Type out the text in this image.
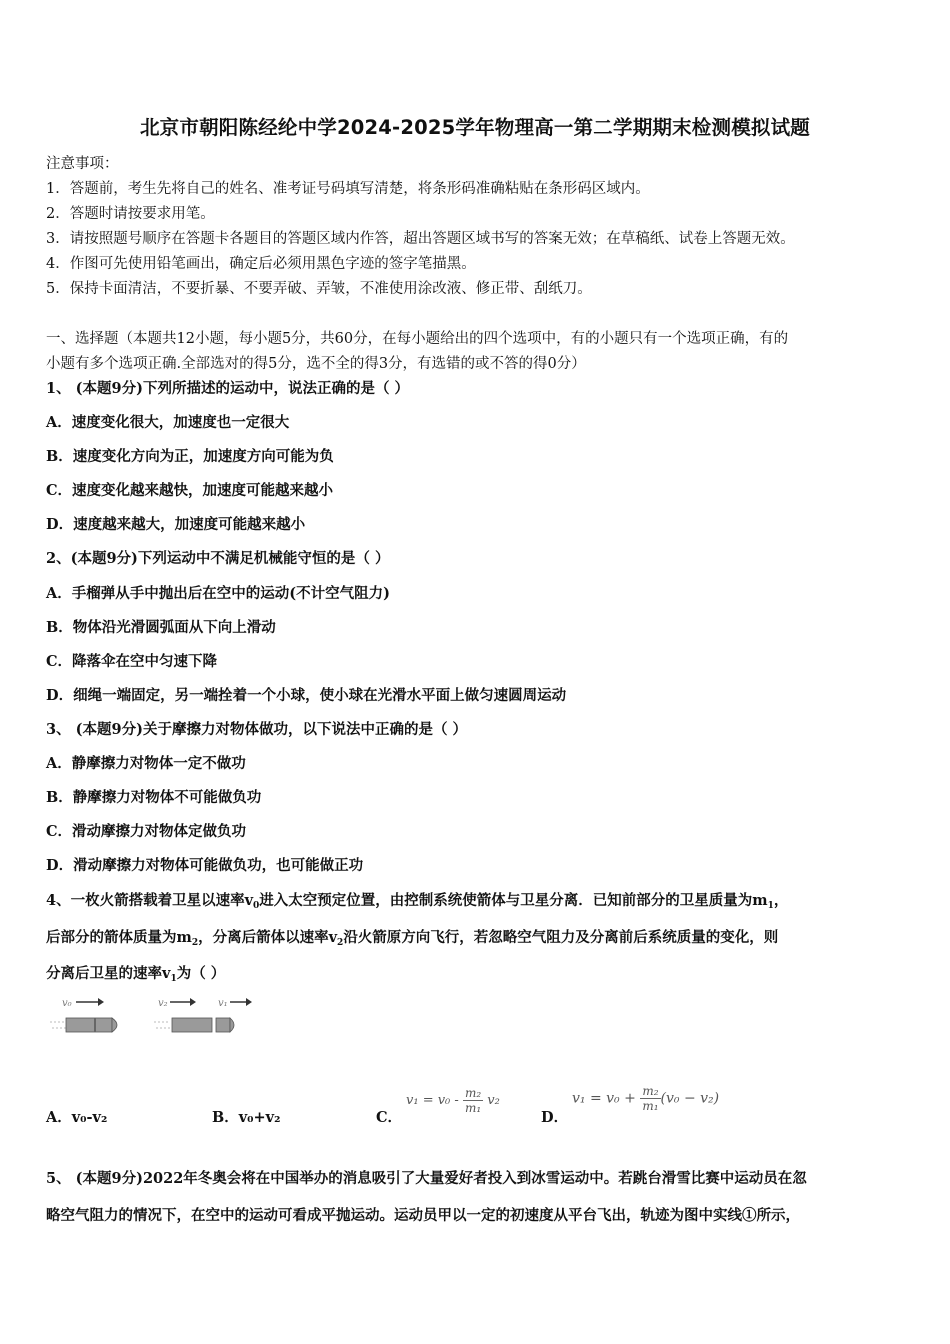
北京市朝阳陈经纶中学2024-2025学年物理高一第二学期期末检测模拟试题
注意事项：
1．答题前，考生先将自己的姓名、准考证号码填写清楚，将条形码准确粘贴在条形码区域内。
2．答题时请按要求用笔。
3．请按照题号顺序在答题卡各题目的答题区域内作答，超出答题区域书写的答案无效；在草稿纸、试卷上答题无效。
4．作图可先使用铅笔画出，确定后必须用黑色字迹的签字笔描黑。
5．保持卡面清洁，不要折暴、不要弄破、弄皱，不准使用涂改液、修正带、刮纸刀。
一、选择题（本题共12小题，每小题5分，共60分，在每小题给出的四个选项中，有的小题只有一个选项正确，有的
小题有多个选项正确.全部选对的得5分，选不全的得3分，有选错的或不答的得0分）
1、 (本题9分)下列所描述的运动中，说法正确的是（ ）
A．速度变化很大，加速度也一定很大
B．速度变化方向为正，加速度方向可能为负
C．速度变化越来越快，加速度可能越来越小
D．速度越来越大，加速度可能越来越小
2、(本题9分)下列运动中不满足机械能守恒的是（ ）
A．手榴弹从手中抛出后在空中的运动(不计空气阻力)
B．物体沿光滑圆弧面从下向上滑动
C．降落伞在空中匀速下降
D．细绳一端固定，另一端拴着一个小球，使小球在光滑水平面上做匀速圆周运动
3、 (本题9分)关于摩擦力对物体做功，以下说法中正确的是（ ）
A．静摩擦力对物体一定不做功
B．静摩擦力对物体不可能做负功
C．滑动摩擦力对物体定做负功
D．滑动摩擦力对物体可能做负功，也可能做正功
4、一枚火箭搭载着卫星以速率$v_0$进入太空预定位置，由控制系统使箭体与卫星分离．已知前部分的卫星质量为$m_1$，
后部分的箭体质量为$m_2$，分离后箭体以速率$v_2$沿火箭原方向飞行，若忽略空气阻力及分离前后系统质量的变化，则
分离后卫星的速率$v_1$为（ ）
v₀	v₂	v₁
A．v₀-v₂	B．v₀+v₂	C．
$v_1 = v_0 - \frac{\text{m₂}}{\text{m₁}} v_2$
D．
$v_1 = v_0 + \frac{\text{m₂}}{\text{m₁}} (v_0 - v_2)$
5、 (本题9分)2022年冬奥会将在中国举办的消息吸引了大量爱好者投入到冰雪运动中。若跳台滑雪比赛中运动员在忽
略空气阻力的情况下，在空中的运动可看成平抛运动。运动员甲以一定的初速度从平台飞出，轨迹为图中实线①所示，
